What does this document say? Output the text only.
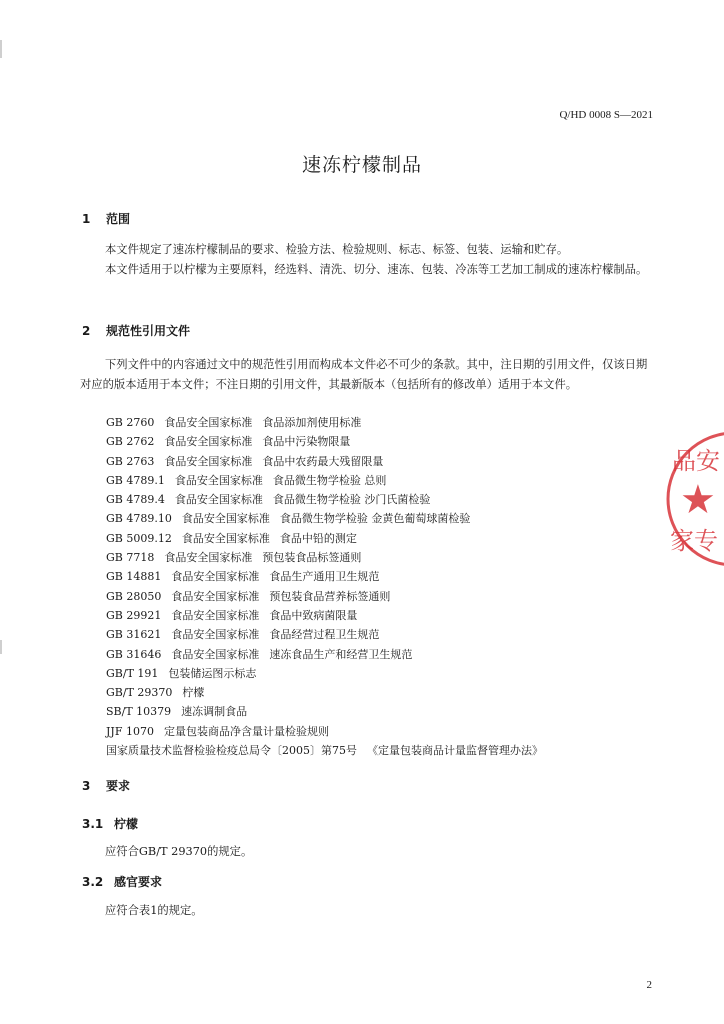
Q/HD 0008 S—2021
速冻柠檬制品
1 范围
本文件规定了速冻柠檬制品的要求、检验方法、检验规则、标志、标签、包装、运输和贮存。
本文件适用于以柠檬为主要原料，经选料、清洗、切分、速冻、包装、冷冻等工艺加工制成的速冻柠檬制品。
2 规范性引用文件
下列文件中的内容通过文中的规范性引用而构成本文件必不可少的条款。其中，注日期的引用文件，仅该日期对应的版本适用于本文件；不注日期的引用文件，其最新版本（包括所有的修改单）适用于本文件。
GB 2760 食品安全国家标准 食品添加剂使用标准
GB 2762 食品安全国家标准 食品中污染物限量
GB 2763 食品安全国家标准 食品中农药最大残留限量
GB 4789.1 食品安全国家标准 食品微生物学检验 总则
GB 4789.4 食品安全国家标准 食品微生物学检验 沙门氏菌检验
GB 4789.10 食品安全国家标准 食品微生物学检验 金黄色葡萄球菌检验
GB 5009.12 食品安全国家标准 食品中铅的测定
GB 7718 食品安全国家标准 预包装食品标签通则
GB 14881 食品安全国家标准 食品生产通用卫生规范
GB 28050 食品安全国家标准 预包装食品营养标签通则
GB 29921 食品安全国家标准 食品中致病菌限量
GB 31621 食品安全国家标准 食品经营过程卫生规范
GB 31646 食品安全国家标准 速冻食品生产和经营卫生规范
GB/T 191 包装储运图示标志
GB/T 29370 柠檬
SB/T 10379 速冻调制食品
JJF 1070 定量包装商品净含量计量检验规则
国家质量技术监督检验检疫总局令〔2005〕第75号 《定量包装商品计量监督管理办法》
3 要求
3.1 柠檬
应符合GB/T 29370的规定。
3.2 感官要求
应符合表1的规定。
品安
★
家专
2
